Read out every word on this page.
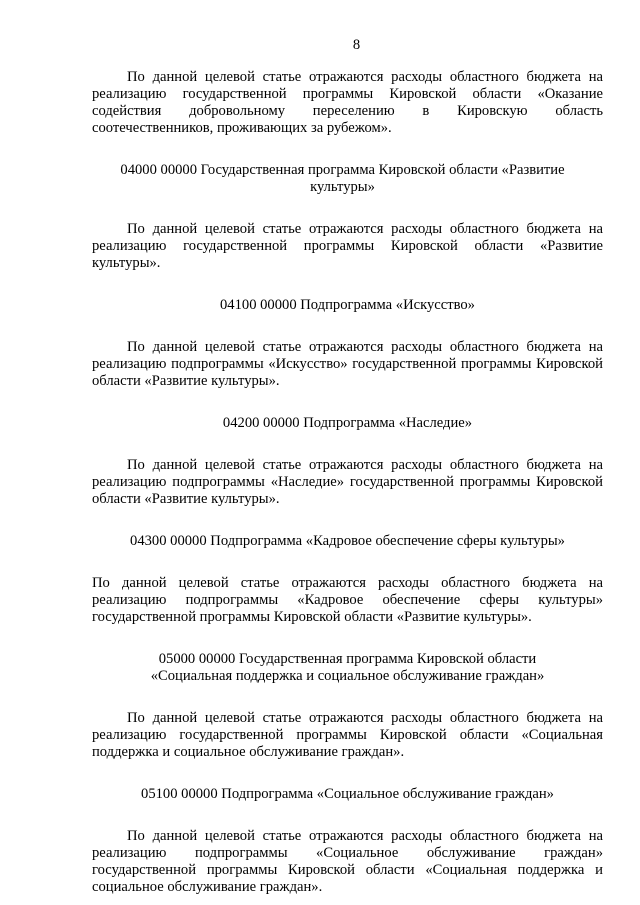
8

По данной целевой статье отражаются расходы областного бюджета на реализацию государственной программы Кировской области «Оказание содействия добровольному переселению в Кировскую область соотечественников, проживающих за рубежом».

04000 00000 Государственная программа Кировской области «Развитие культуры»

По данной целевой статье отражаются расходы областного бюджета на реализацию государственной программы Кировской области «Развитие культуры».

04100 00000 Подпрограмма «Искусство»

По данной целевой статье отражаются расходы областного бюджета на реализацию подпрограммы «Искусство» государственной программы Кировской области «Развитие культуры».

04200 00000 Подпрограмма «Наследие»

По данной целевой статье отражаются расходы областного бюджета на реализацию подпрограммы «Наследие» государственной программы Кировской области «Развитие культуры».

04300 00000 Подпрограмма «Кадровое обеспечение сферы культуры»

По данной целевой статье отражаются расходы областного бюджета на реализацию подпрограммы «Кадровое обеспечение сферы культуры» государственной программы Кировской области «Развитие культуры».

05000 00000 Государственная программа Кировской области «Социальная поддержка и социальное обслуживание граждан»

По данной целевой статье отражаются расходы областного бюджета на реализацию государственной программы Кировской области «Социальная поддержка и социальное обслуживание граждан».

05100 00000 Подпрограмма «Социальное обслуживание граждан»

По данной целевой статье отражаются расходы областного бюджета на реализацию подпрограммы «Социальное обслуживание граждан» государственной программы Кировской области «Социальная поддержка и социальное обслуживание граждан».
